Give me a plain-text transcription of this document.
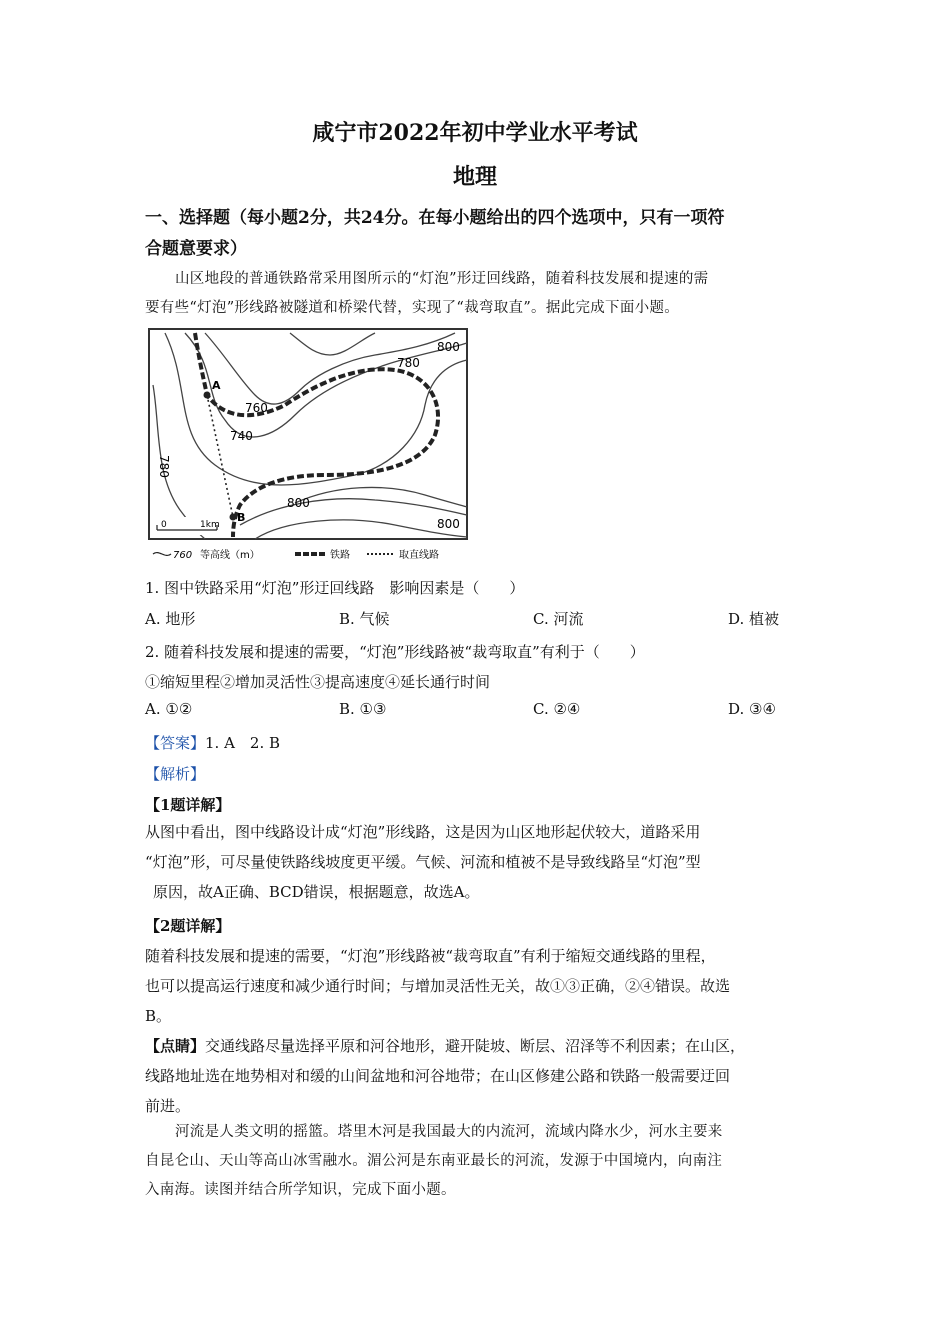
咸宁市2022年初中学业水平考试
地理
一、选择题（每小题2分，共24分。在每小题给出的四个选项中，只有一项符
合题意要求）
山区地段的普通铁路常采用图所示的“灯泡”形迂回线路，随着科技发展和提速的需
要有些“灯泡”形线路被隧道和桥梁代替，实现了“裁弯取直”。据此完成下面小题。
A
B
800
780
760
740
780
800
800
0	1km
760 等高线（m）	铁路	取直线路
1. 图中铁路采用“灯泡”形迂回线路　影响因素是（　　）
A. 地形	B. 气候	C. 河流	D. 植被
2. 随着科技发展和提速的需要，“灯泡”形线路被“裁弯取直”有利于（　　）
①缩短里程②增加灵活性③提高速度④延长通行时间
A. ①②	B. ①③	C. ②④	D. ③④
【答案】1. A　2. B
【解析】
【1题详解】
从图中看出，图中线路设计成“灯泡”形线路，这是因为山区地形起伏较大，道路采用
“灯泡”形，可尽量使铁路线坡度更平缓。气候、河流和植被不是导致线路呈“灯泡”型
原因，故A正确、BCD错误，根据题意，故选A。
【2题详解】
随着科技发展和提速的需要，“灯泡”形线路被“裁弯取直”有利于缩短交通线路的里程，
也可以提高运行速度和减少通行时间；与增加灵活性无关，故①③正确，②④错误。故选
B。
【点睛】交通线路尽量选择平原和河谷地形，避开陡坡、断层、沼泽等不利因素；在山区，
线路地址选在地势相对和缓的山间盆地和河谷地带；在山区修建公路和铁路一般需要迂回
前进。
河流是人类文明的摇篮。塔里木河是我国最大的内流河，流域内降水少，河水主要来
自昆仑山、天山等高山冰雪融水。湄公河是东南亚最长的河流，发源于中国境内，向南注
入南海。读图并结合所学知识，完成下面小题。
